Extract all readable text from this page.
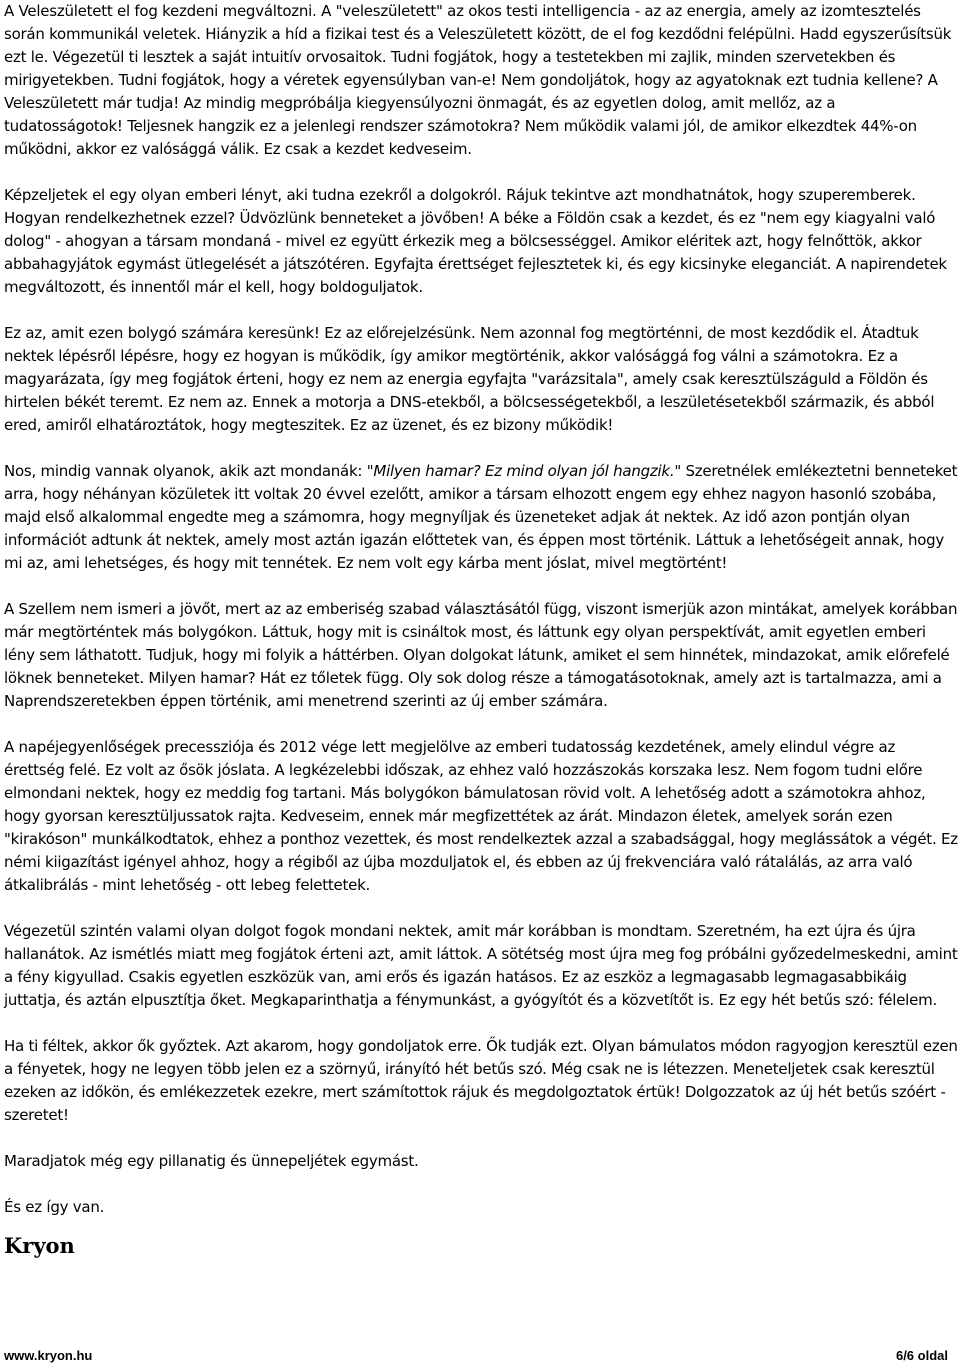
A Veleszületett el fog kezdeni megváltozni. A "veleszületett" az okos testi intelligencia - az az energia, amely az izomtesztelés során kommunikál veletek. Hiányzik a híd a fizikai test és a Veleszületett között, de el fog kezdődni felépülni. Hadd egyszerűsítsük ezt le. Végezetül ti lesztek a saját intuitív orvosaitok. Tudni fogjátok, hogy a testetekben mi zajlik, minden szervetekben és mirigyetekben. Tudni fogjátok, hogy a véretek egyensúlyban van-e! Nem gondoljátok, hogy az agyatoknak ezt tudnia kellene? A Veleszületett már tudja! Az mindig megpróbálja kiegyensúlyozni önmagát, és az egyetlen dolog, amit mellőz, az a tudatosságotok! Teljesnek hangzik ez a jelenlegi rendszer számotokra? Nem működik valami jól, de amikor elkezdtek 44%-on működni, akkor ez valósággá válik. Ez csak a kezdet kedveseim.

Képzeljetek el egy olyan emberi lényt, aki tudna ezekről a dolgokról. Rájuk tekintve azt mondhatnátok, hogy szuperemberek. Hogyan rendelkezhetnek ezzel? Üdvözlünk benneteket a jövőben! A béke a Földön csak a kezdet, és ez "nem egy kiagyalni való dolog" - ahogyan a társam mondaná - mivel ez együtt érkezik meg a bölcsességgel. Amikor eléritek azt, hogy felnőttök, akkor abbahagyjátok egymást ütlegelését a játszótéren. Egyfajta érettséget fejlesztetek ki, és egy kicsinyke eleganciát. A napirendetek megváltozott, és innentől már el kell, hogy boldoguljatok.

Ez az, amit ezen bolygó számára keresünk! Ez az előrejelzésünk. Nem azonnal fog megtörténni, de most kezdődik el. Átadtuk nektek lépésről lépésre, hogy ez hogyan is működik, így amikor megtörténik, akkor valósággá fog válni a számotokra. Ez a magyarázata, így meg fogjátok érteni, hogy ez nem az energia egyfajta "varázsitala", amely csak keresztülszáguld a Földön és hirtelen békét teremt. Ez nem az. Ennek a motorja a DNS-etekből, a bölcsességetekből, a leszületésetekből származik, és abból ered, amiről elhatároztátok, hogy megteszitek. Ez az üzenet, és ez bizony működik!

Nos, mindig vannak olyanok, akik azt mondanák: "Milyen hamar? Ez mind olyan jól hangzik." Szeretnélek emlékeztetni benneteket arra, hogy néhányan közületek itt voltak 20 évvel ezelőtt, amikor a társam elhozott engem egy ehhez nagyon hasonló szobába, majd első alkalommal engedte meg a számomra, hogy megnyíljak és üzeneteket adjak át nektek. Az idő azon pontján olyan információt adtunk át nektek, amely most aztán igazán előttetek van, és éppen most történik. Láttuk a lehetőségeit annak, hogy mi az, ami lehetséges, és hogy mit tennétek. Ez nem volt egy kárba ment jóslat, mivel megtörtént!

A Szellem nem ismeri a jövőt, mert az az emberiség szabad választásától függ, viszont ismerjük azon mintákat, amelyek korábban már megtörténtek más bolygókon. Láttuk, hogy mit is csináltok most, és láttunk egy olyan perspektívát, amit egyetlen emberi lény sem láthatott. Tudjuk, hogy mi folyik a háttérben. Olyan dolgokat látunk, amiket el sem hinnétek, mindazokat, amik előrefelé löknek benneteket. Milyen hamar? Hát ez tőletek függ. Oly sok dolog része a támogatásotoknak, amely azt is tartalmazza, ami a Naprendszeretekben éppen történik, ami menetrend szerinti az új ember számára.

A napéjegyenlőségek precessziója és 2012 vége lett megjelölve az emberi tudatosság kezdetének, amely elindul végre az érettség felé. Ez volt az ősök jóslata. A legkézelebbi időszak, az ehhez való hozzászokás korszaka lesz. Nem fogom tudni előre elmondani nektek, hogy ez meddig fog tartani. Más bolygókon bámulatosan rövid volt. A lehetőség adott a számotokra ahhoz, hogy gyorsan keresztüljussatok rajta. Kedveseim, ennek már megfizettétek az árát. Mindazon életek, amelyek során ezen "kirakóson" munkálkodtatok, ehhez a ponthoz vezettek, és most rendelkeztek azzal a szabadsággal, hogy meglássátok a végét. Ez némi kiigazítást igényel ahhoz, hogy a régiből az újba mozduljatok el, és ebben az új frekvenciára való rátalálás, az arra való átkalibrálás - mint lehetőség - ott lebeg felettetek.

Végezetül szintén valami olyan dolgot fogok mondani nektek, amit már korábban is mondtam. Szeretném, ha ezt újra és újra hallanátok. Az ismétlés miatt meg fogjátok érteni azt, amit láttok. A sötétség most újra meg fog próbálni győzedelmeskedni, amint a fény kigyullad. Csakis egyetlen eszközük van, ami erős és igazán hatásos. Ez az eszköz a legmagasabb legmagasabbikáig juttatja, és aztán elpusztítja őket. Megkaparinthatja a fénymunkást, a gyógyítót és a közvetítőt is. Ez egy hét betűs szó: félelem.

Ha ti féltek, akkor ők győztek. Azt akarom, hogy gondoljatok erre. Ők tudják ezt. Olyan bámulatos módon ragyogjon keresztül ezen a fényetek, hogy ne legyen több jelen ez a szörnyű, irányító hét betűs szó. Még csak ne is létezzen. Meneteljetek csak keresztül ezeken az időkön, és emlékezzetek ezekre, mert számítottok rájuk és megdolgoztatok értük! Dolgozzatok az új hét betűs szóért - szeretet!

Maradjatok még egy pillanatig és ünnepeljétek egymást.

És ez így van.

Kryon
www.kryon.hu	6/6 oldal
